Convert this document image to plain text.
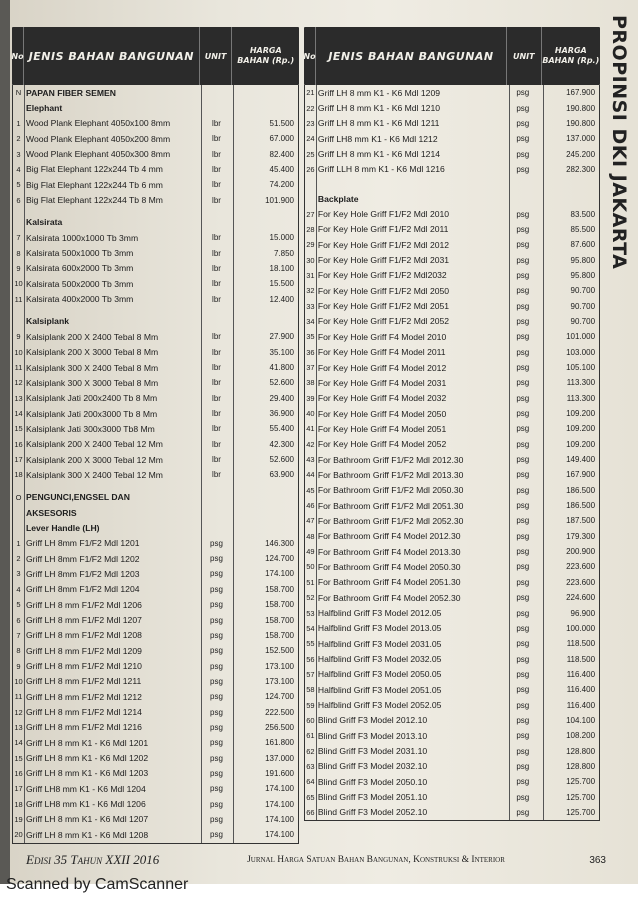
No JENIS BAHAN BANGUNAN	UNIT
HARGA
BAHAN (Rp.)
N PAPAN FIBER SEMEN
Elephant
1 Wood Plank Elephant 4050x100 8mm	lbr	51.500
2 Wood Plank Elephant 4050x200 8mm	lbr	67.000
3 Wood Plank Elephant 4050x300 8mm	lbr	82.400
4 Big Flat Elephant 122x244 Tb 4 mm	lbr	45.400
5 Big Flat Elephant 122x244 Tb 6 mm	lbr	74.200
6 Big Flat Elephant 122x244 Tb 8 Mm	lbr	101.900
Kalsirata
7 Kalsirata 1000x1000 Tb 3mm	lbr	15.000
8 Kalsirata 500x1000 Tb 3mm	lbr	7.850
9 Kalsirata 600x2000 Tb 3mm	lbr	18.100
10 Kalsirata 500x2000 Tb 3mm	lbr	15.500
11 Kalsirata 400x2000 Tb 3mm	lbr	12.400
Kalsiplank
9 Kalsiplank 200 X 2400 Tebal 8 Mm	lbr	27.900
10 Kalsiplank 200 X 3000 Tebal 8 Mm	lbr	35.100
11 Kalsiplank 300 X 2400 Tebal 8 Mm	lbr	41.800
12 Kalsiplank 300 X 3000 Tebal 8 Mm	lbr	52.600
13 Kalsiplank Jati 200x2400 Tb 8 Mm	lbr	29.400
14 Kalsiplank Jati 200x3000 Tb 8 Mm	lbr	36.900
15 Kalsiplank Jati 300x3000 Tb8 Mm	lbr	55.400
16 Kalsiplank 200 X 2400 Tebal 12 Mm	lbr	42.300
17 Kalsiplank 200 X 3000 Tebal 12 Mm	lbr	52.600
18 Kalsiplank 300 X 2400 Tebal 12 Mm	lbr	63.900
O PENGUNCI,ENGSEL DAN
AKSESORIS
Lever Handle (LH)
1 Griff LH 8mm F1/F2 Mdl 1201	psg	146.300
2 Griff LH 8mm F1/F2 Mdl 1202	psg	124.700
3 Griff LH 8mm F1/F2 Mdl 1203	psg	174.100
4 Griff LH 8mm F1/F2 Mdl 1204	psg	158.700
5 Griff LH 8 mm F1/F2 Mdl 1206	psg	158.700
6 Griff LH 8 mm F1/F2 Mdl 1207	psg	158.700
7 Griff LH 8 mm F1/F2 Mdl 1208	psg	158.700
8 Griff LH 8 mm F1/F2 Mdl 1209	psg	152.500
9 Griff LH 8 mm F1/F2 Mdl 1210	psg	173.100
10 Griff LH 8 mm F1/F2 Mdl 1211	psg	173.100
11 Griff LH 8 mm F1/F2 Mdl 1212	psg	124.700
12 Griff LH 8 mm F1/F2 Mdl 1214	psg	222.500
13 Griff LH 8 mm F1/F2 Mdl 1216	psg	256.500
14 Griff LH 8 mm K1 - K6 Mdl 1201	psg	161.800
15 Griff LH 8 mm K1 - K6 Mdl 1202	psg	137.000
16 Griff LH 8 mm K1 - K6 Mdl 1203	psg	191.600
17 Griff LH8 mm K1 - K6 Mdl 1204	psg	174.100
18 Griff LH8 mm K1 - K6 Mdl 1206	psg	174.100
19 Griff LH 8 mm K1 - K6 Mdl 1207	psg	174.100
20 Griff LH 8 mm K1 - K6 Mdl 1208	psg	174.100
No	JENIS BAHAN BANGUNAN	UNIT
HARGA
BAHAN (Rp.)
21 Griff LH 8 mm K1 - K6 Mdl 1209	psg	167.900
22 Griff LH 8 mm K1 - K6 Mdl 1210	psg	190.800
23 Griff LH 8 mm K1 - K6 Mdl 1211	psg	190.800
24 Griff LH8 mm K1 - K6 Mdl 1212	psg	137.000
25 Griff LH 8 mm K1 - K6 Mdl 1214	psg	245.200
26 Griff LLH 8 mm K1 - K6 Mdl 1216	psg	282.300
Backplate
27 For Key Hole Griff F1/F2 Mdl 2010	psg	83.500
28 For Key Hole Griff F1/F2 Mdl 2011	psg	85.500
29 For Key Hole Griff F1/F2 Mdl 2012	psg	87.600
30 For Key Hole Griff F1/F2 Mdl 2031	psg	95.800
31 For Key Hole Griff F1/F2 Mdl2032	psg	95.800
32 For Key Hole Griff F1/F2 Mdl 2050	psg	90.700
33 For Key Hole Griff F1/F2 Mdl 2051	psg	90.700
34 For Key Hole Griff F1/F2 Mdl 2052	psg	90.700
35 For Key Hole Griff F4 Model 2010	psg	101.000
36 For Key Hole Griff F4 Model 2011	psg	103.000
37 For Key Hole Griff F4 Model 2012	psg	105.100
38 For Key Hole Griff F4 Model 2031	psg	113.300
39 For Key Hole Griff F4 Model 2032	psg	113.300
40 For Key Hole Griff F4 Model 2050	psg	109.200
41 For Key Hole Griff F4 Model 2051	psg	109.200
42 For Key Hole Griff F4 Model 2052	psg	109.200
43 For Bathroom Griff F1/F2 Mdl 2012.30	psg	149.400
44 For Bathroom Griff F1/F2 Mdl 2013.30	psg	167.900
45 For Bathroom Griff F1/F2 Mdl 2050.30	psg	186.500
46 For Bathroom Griff F1/F2 Mdl 2051.30	psg	186.500
47 For Bathroom Griff F1/F2 Mdl 2052.30	psg	187.500
48 For Bathroom Griff F4 Model 2012.30	psg	179.300
49 For Bathroom Griff F4 Model 2013.30	psg	200.900
50 For Bathroom Griff F4 Model 2050.30	psg	223.600
51 For Bathroom Griff F4 Model 2051.30	psg	223.600
52 For Bathroom Griff F4 Model 2052.30	psg	224.600
53 Halfblind Griff F3 Model 2012.05	psg	96.900
54 Halfblind Griff F3 Model 2013.05	psg	100.000
55 Halfblind Griff F3 Model 2031.05	psg	118.500
56 Halfblind Griff F3 Model 2032.05	psg	118.500
57 Halfblind Griff F3 Model 2050.05	psg	116.400
58 Halfblind Griff F3 Model 2051.05	psg	116.400
59 Halfblind Griff F3 Model 2052.05	psg	116.400
60 Blind Griff F3 Model 2012.10	psg	104.100
61 Blind Griff F3 Model 2013.10	psg	108.200
62 Blind Griff F3 Model 2031.10	psg	128.800
63 Blind Griff F3 Model 2032.10	psg	128.800
64 Blind Griff F3 Model 2050.10	psg	125.700
65 Blind Griff F3 Model 2051.10	psg	125.700
66 Blind Griff F3 Model 2052.10	psg	125.700
PROPINSI DKI JAKARTA
Edisi 35 Tahun XXII 2016	Jurnal Harga Satuan Bahan Bangunan, Konstruksi & Interior	363
Scanned by CamScanner
